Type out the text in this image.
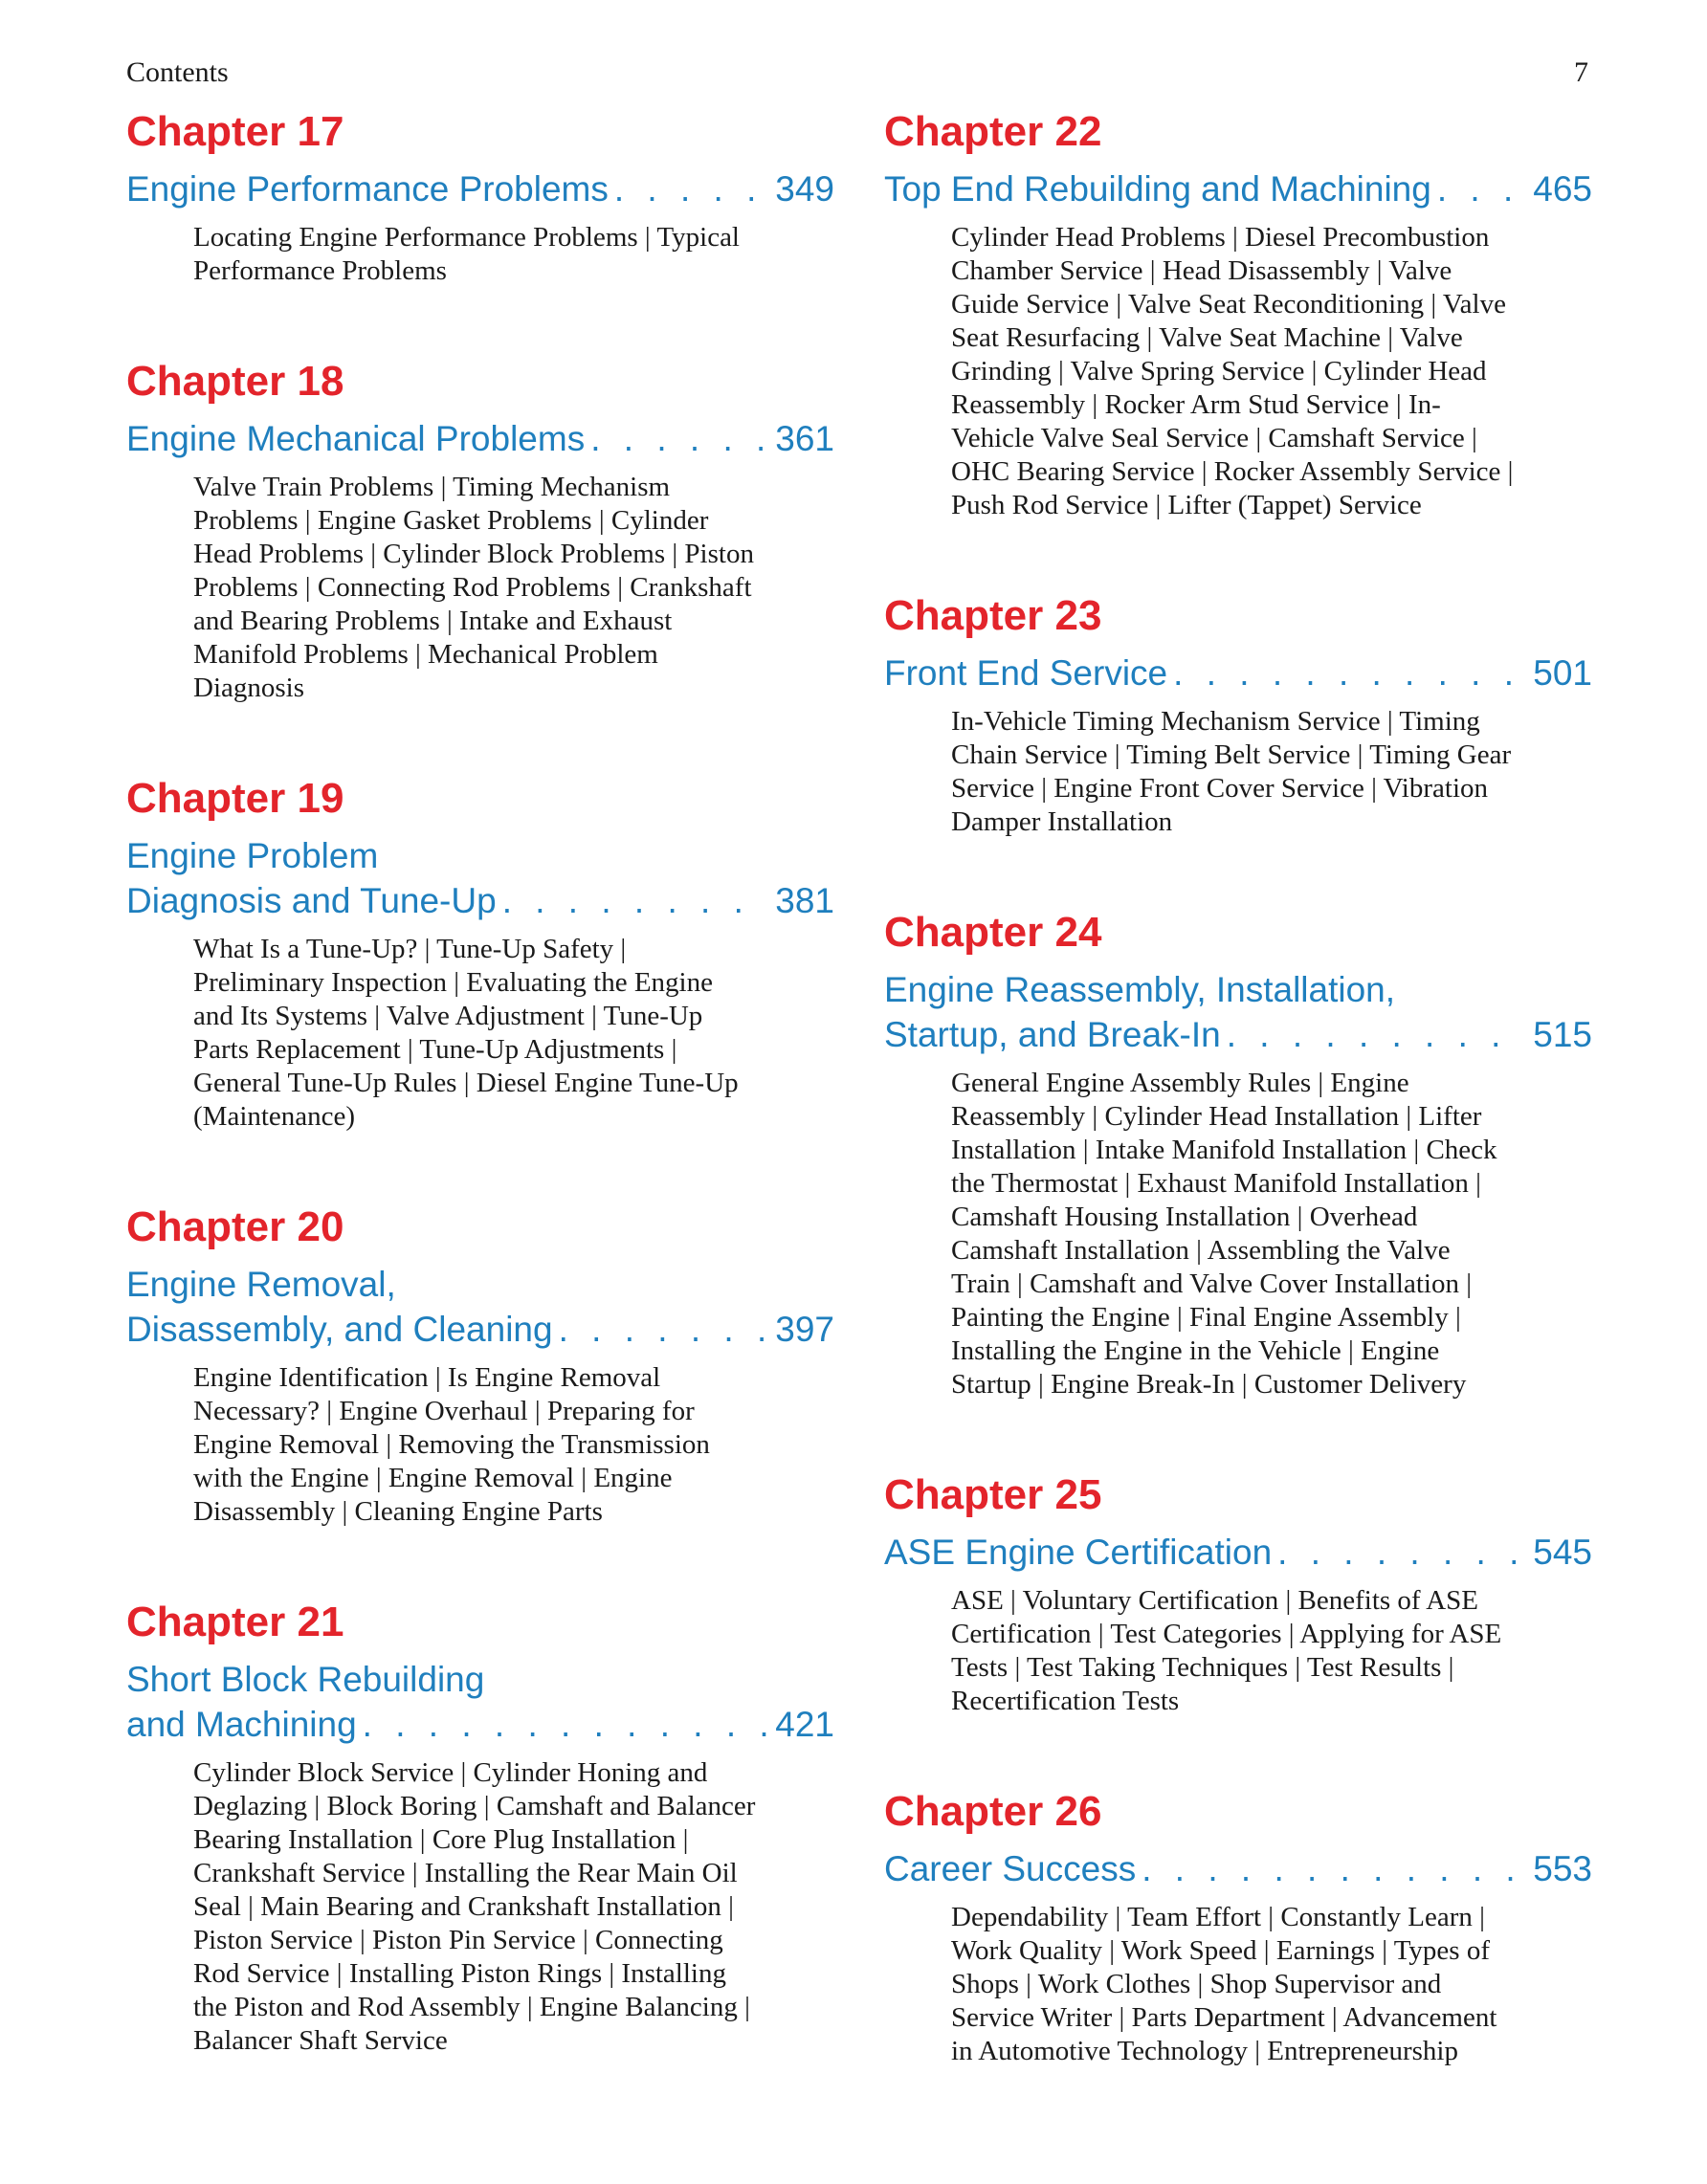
Contents	7
Chapter 17
Engine Performance Problems . . .	349
Locating Engine Performance Problems | Typical Performance Problems
Chapter 18
Engine Mechanical Problems . . .	361
Valve Train Problems | Timing Mechanism Problems | Engine Gasket Problems | Cylinder Head Problems | Cylinder Block Problems | Piston Problems | Connecting Rod Problems | Crankshaft and Bearing Problems | Intake and Exhaust Manifold Problems | Mechanical Problem Diagnosis
Chapter 19
Engine Problem
Diagnosis and Tune-Up . . .	381
What Is a Tune-Up? | Tune-Up Safety | Preliminary Inspection | Evaluating the Engine and Its Systems | Valve Adjustment | Tune-Up Parts Replacement | Tune-Up Adjustments | General Tune-Up Rules | Diesel Engine Tune-Up (Maintenance)
Chapter 20
Engine Removal,
Disassembly, and Cleaning . . .	397
Engine Identification | Is Engine Removal Necessary? | Engine Overhaul | Preparing for Engine Removal | Removing the Transmission with the Engine | Engine Removal | Engine Disassembly | Cleaning Engine Parts
Chapter 21
Short Block Rebuilding
and Machining . . .	421
Cylinder Block Service | Cylinder Honing and Deglazing | Block Boring | Camshaft and Balancer Bearing Installation | Core Plug Installation | Crankshaft Service | Installing the Rear Main Oil Seal | Main Bearing and Crankshaft Installation | Piston Service | Piston Pin Service | Connecting Rod Service | Installing Piston Rings | Installing the Piston and Rod Assembly | Engine Balancing | Balancer Shaft Service
Chapter 22
Top End Rebuilding and Machining . . .	465
Cylinder Head Problems | Diesel Precombustion Chamber Service | Head Disassembly | Valve Guide Service | Valve Seat Reconditioning | Valve Seat Resurfacing | Valve Seat Machine | Valve Grinding | Valve Spring Service | Cylinder Head Reassembly | Rocker Arm Stud Service | In-Vehicle Valve Seal Service | Camshaft Service | OHC Bearing Service | Rocker Assembly Service | Push Rod Service | Lifter (Tappet) Service
Chapter 23
Front End Service . . .	501
In-Vehicle Timing Mechanism Service | Timing Chain Service | Timing Belt Service | Timing Gear Service | Engine Front Cover Service | Vibration Damper Installation
Chapter 24
Engine Reassembly, Installation,
Startup, and Break-In . . .	515
General Engine Assembly Rules | Engine Reassembly | Cylinder Head Installation | Lifter Installation | Intake Manifold Installation | Check the Thermostat | Exhaust Manifold Installation | Camshaft Housing Installation | Overhead Camshaft Installation | Assembling the Valve Train | Camshaft and Valve Cover Installation | Painting the Engine | Final Engine Assembly | Installing the Engine in the Vehicle | Engine Startup | Engine Break-In | Customer Delivery
Chapter 25
ASE Engine Certification . . .	545
ASE | Voluntary Certification | Benefits of ASE Certification | Test Categories | Applying for ASE Tests | Test Taking Techniques | Test Results | Recertification Tests
Chapter 26
Career Success . . .	553
Dependability | Team Effort | Constantly Learn | Work Quality | Work Speed | Earnings | Types of Shops | Work Clothes | Shop Supervisor and Service Writer | Parts Department | Advancement in Automotive Technology | Entrepreneurship
